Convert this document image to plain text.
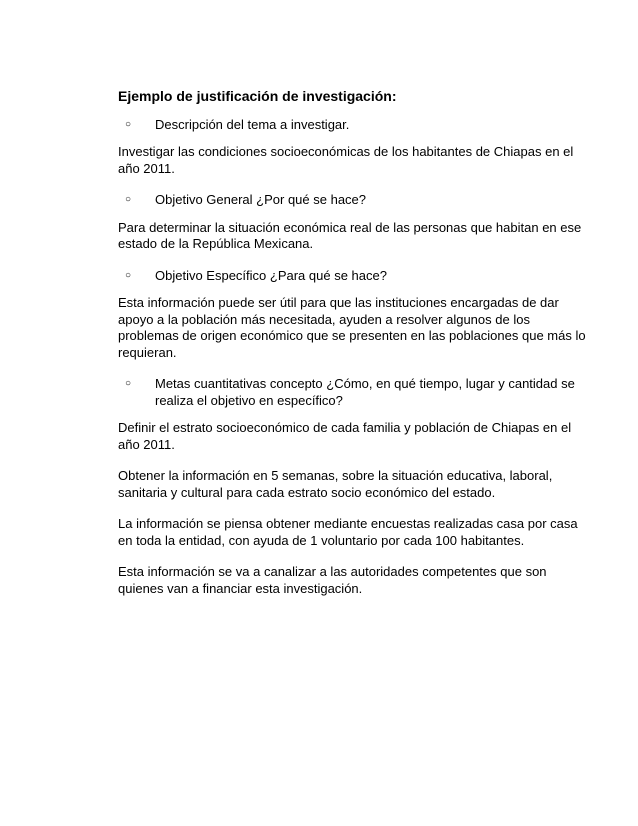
Ejemplo de justificación de investigación:
○ Descripción del tema a investigar.
Investigar las condiciones socioeconómicas de los habitantes de Chiapas en el año 2011.
○ Objetivo General ¿Por qué se hace?
Para determinar la situación económica real de las personas que habitan en ese estado de la República Mexicana.
○ Objetivo Específico ¿Para qué se hace?
Esta información puede ser útil para que las instituciones encargadas de dar apoyo a la población más necesitada, ayuden a resolver algunos de los problemas de origen económico que se presenten en las poblaciones que más lo requieran.
○ Metas cuantitativas concepto ¿Cómo, en qué tiempo, lugar y cantidad se realiza el objetivo en específico?
Definir el estrato socioeconómico de cada familia y población de Chiapas en el año 2011.
Obtener la información en 5 semanas, sobre la situación educativa, laboral, sanitaria y cultural para cada estrato socio económico del estado.
La información se piensa obtener mediante encuestas realizadas casa por casa en toda la entidad, con ayuda de 1 voluntario por cada 100 habitantes.
Esta información se va a canalizar a las autoridades competentes que son quienes van a financiar esta investigación.
